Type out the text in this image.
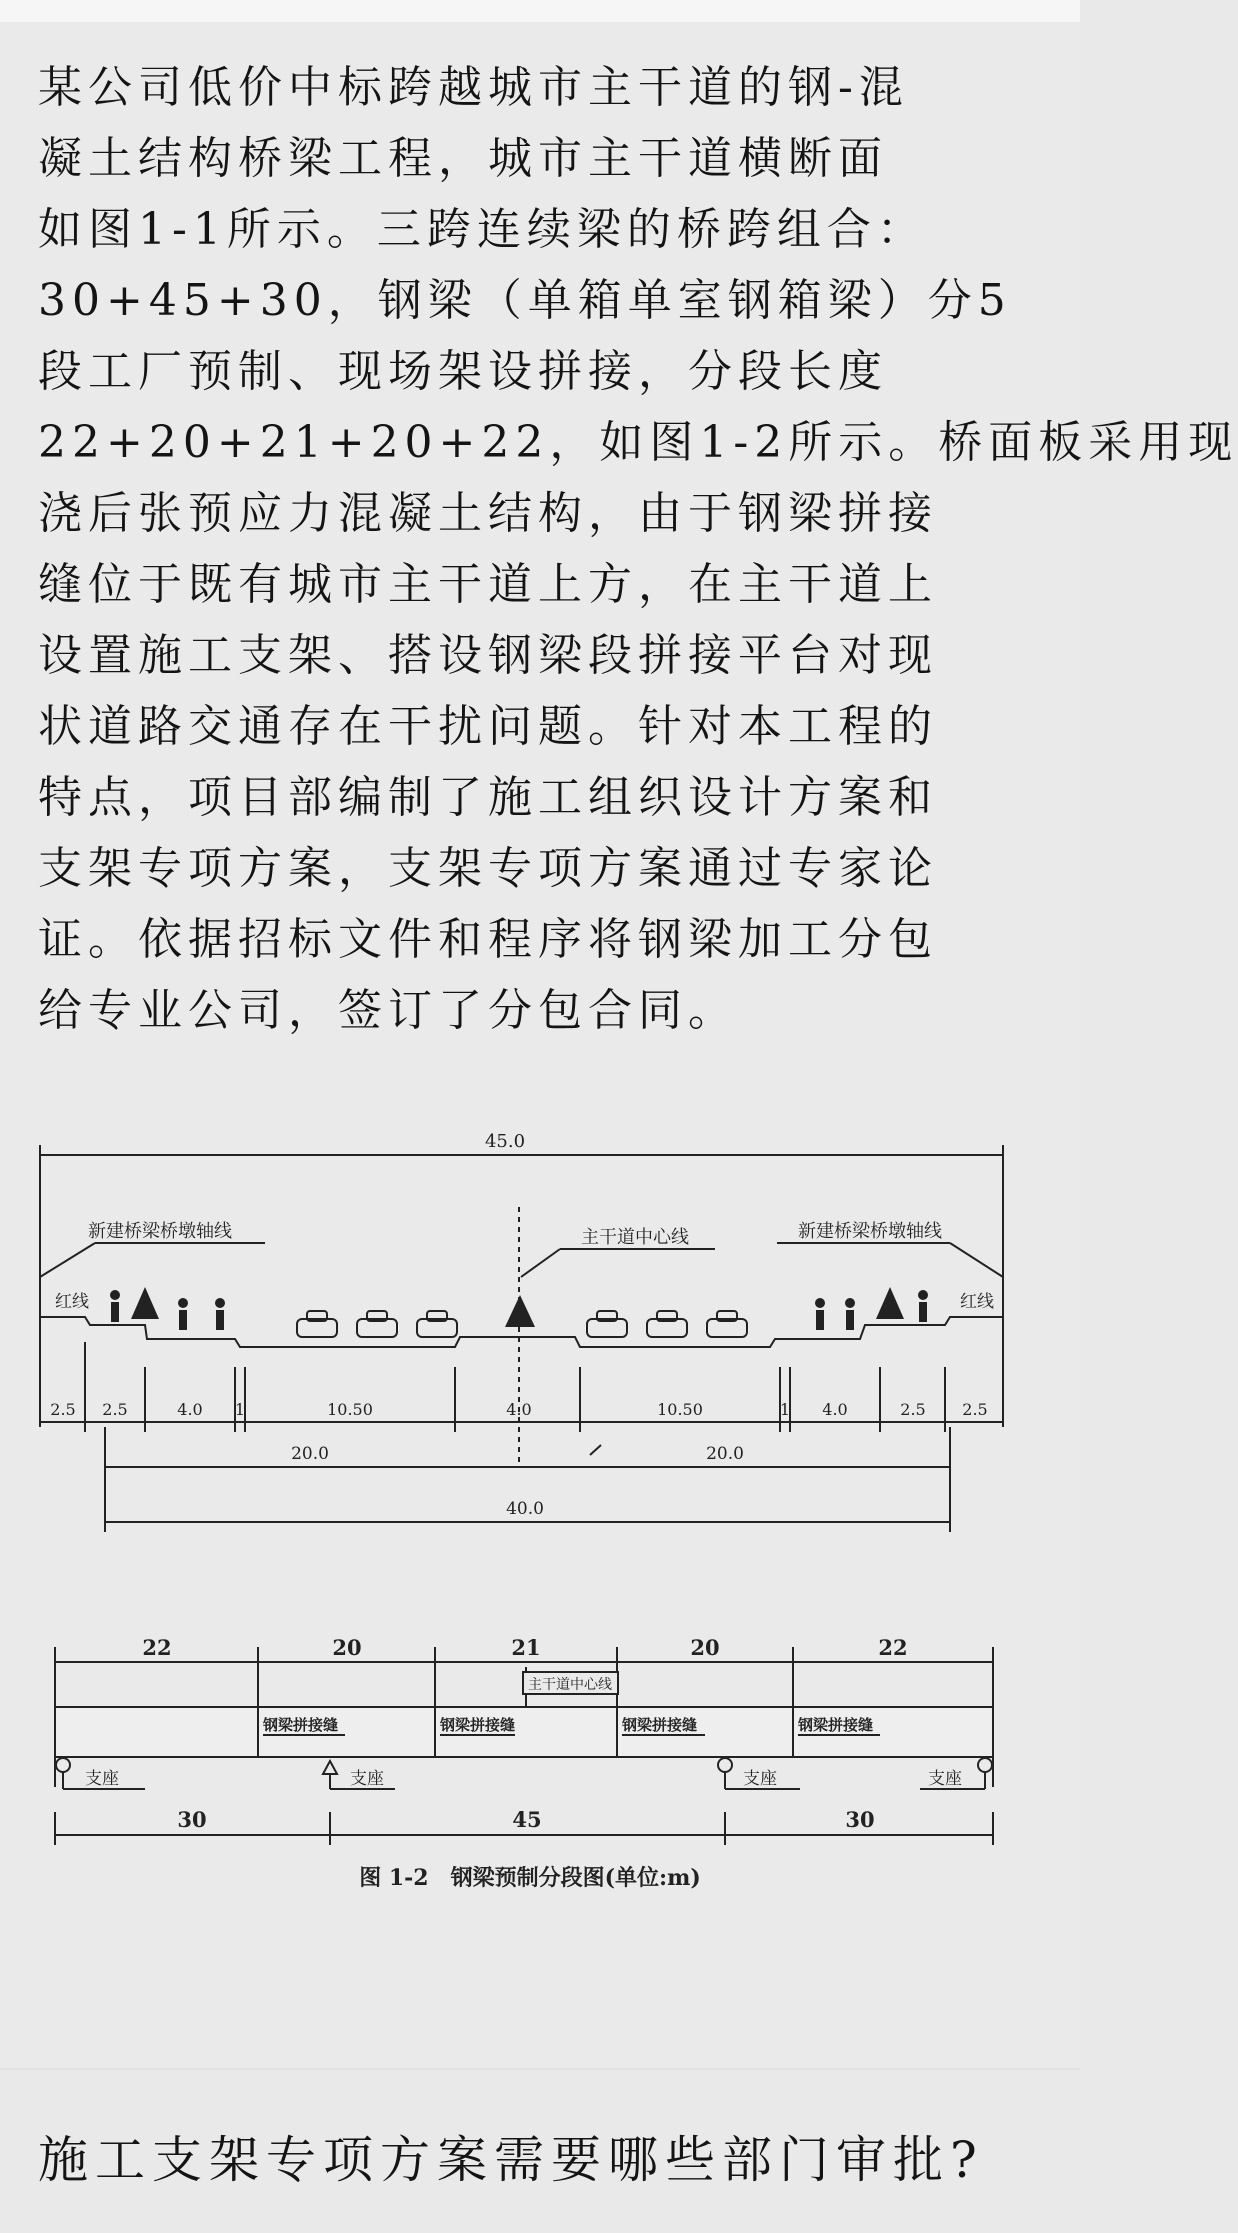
某公司低价中标跨越城市主干道的钢-混
凝土结构桥梁工程，城市主干道横断面
如图1-1所示。三跨连续梁的桥跨组合：
30+45+30，钢梁（单箱单室钢箱梁）分5
段工厂预制、现场架设拼接，分段长度
22+20+21+20+22，如图1-2所示。桥面板采用现
浇后张预应力混凝土结构，由于钢梁拼接
缝位于既有城市主干道上方，在主干道上
设置施工支架、搭设钢梁段拼接平台对现
状道路交通存在干扰问题。针对本工程的
特点，项目部编制了施工组织设计方案和
支架专项方案，支架专项方案通过专家论
证。依据招标文件和程序将钢梁加工分包
给专业公司，签订了分包合同。

45.0
新建桥梁桥墩轴线	主干道中心线	新建桥梁桥墩轴线
红线	红线
2.5 2.5	4.0 1	10.50	4.0	10.50	1 4.0	2.5 2.5
20.0	20.0
40.0
22	20	21	20	22
主干道中心线
钢梁拼接缝	钢梁拼接缝	钢梁拼接缝	钢梁拼接缝
支座	支座	支座	支座
30	45	30
图 1-2　钢梁预制分段图(单位:m)

施工支架专项方案需要哪些部门审批?
